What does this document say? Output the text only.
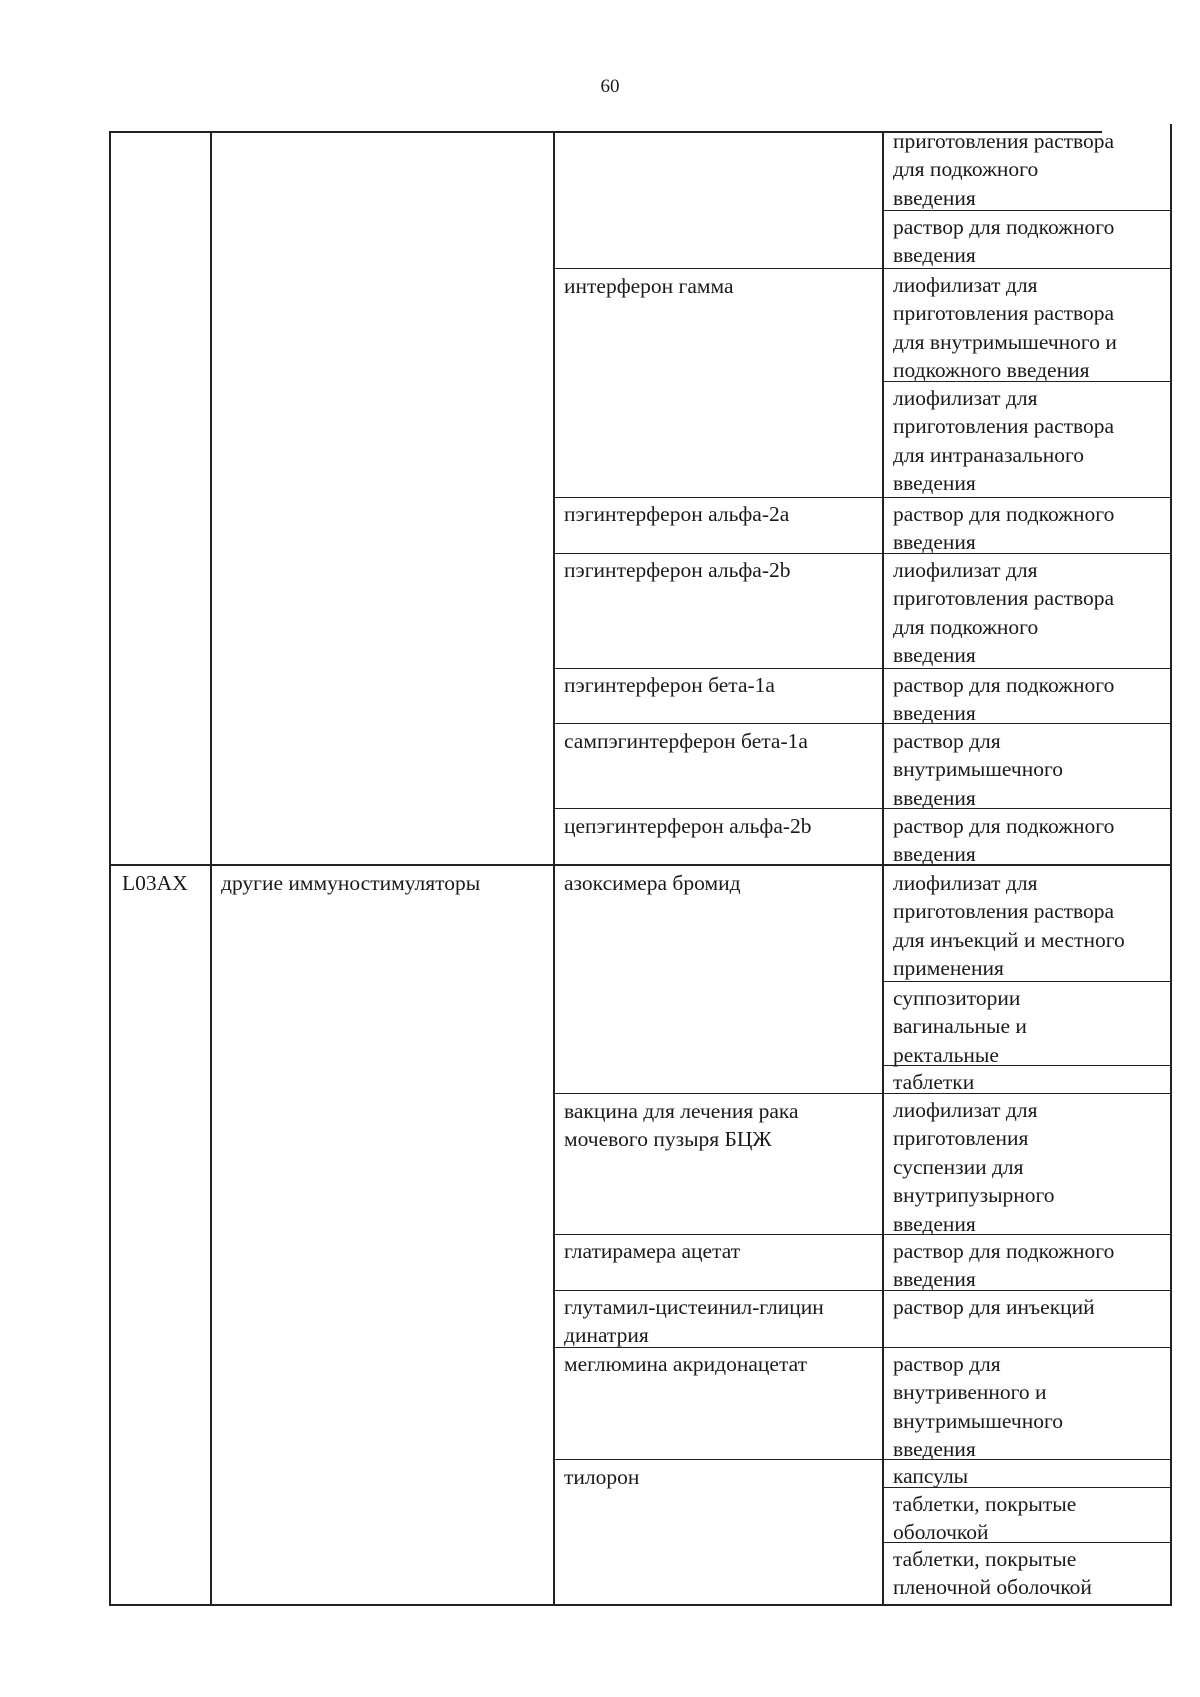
60

L03AX другие иммуностимуляторы

интерферон гамма

пэгинтерферон альфа-2a

пэгинтерферон альфа-2b

пэгинтерферон бета-1a

сампэгинтерферон бета-1a

цепэгинтерферон альфа-2b

азоксимера бромид

вакцина для лечения рака
мочевого пузыря БЦЖ

глатирамера ацетат

глутамил-цистеинил-глицин
динатрия

меглюмина акридонацетат

тилорон

приготовления раствора
для подкожного
введения

раствор для подкожного
введения

лиофилизат для
приготовления раствора
для внутримышечного и
подкожного введения

лиофилизат для
приготовления раствора
для интраназального
введения

раствор для подкожного
введения

лиофилизат для
приготовления раствора
для подкожного
введения

раствор для подкожного
введения

раствор для
внутримышечного
введения

раствор для подкожного
введения

лиофилизат для
приготовления раствора
для инъекций и местного
применения

суппозитории
вагинальные и
ректальные

таблетки

лиофилизат для
приготовления
суспензии для
внутрипузырного
введения

раствор для подкожного
введения

раствор для инъекций

раствор для
внутривенного и
внутримышечного
введения

капсулы

таблетки, покрытые
оболочкой

таблетки, покрытые
пленочной оболочкой
